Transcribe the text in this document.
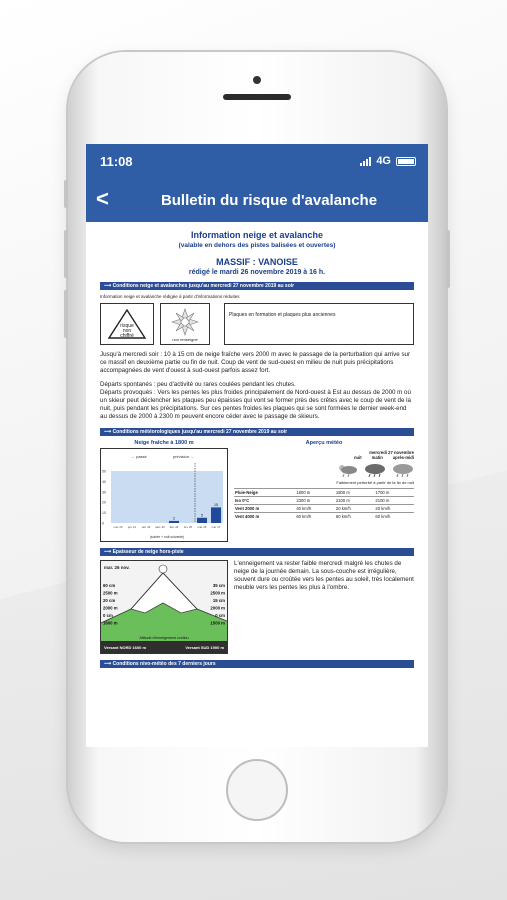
11:08	4G
<	Bulletin du risque d'avalanche
Information neige et avalanche
(valable en dehors des pistes balisées et ouvertes)
MASSIF : VANOISE
rédigé le mardi 26 novembre 2019 à 16 h.
⟶ Conditions neige et avalanches jusqu'au mercredi 27 novembre 2019 au soir
Information neige et avalanche rédigée à partir d'informations réduites
risque
non
chiffré	non renseigné
Plaques en formation et plaques plus anciennes
Jusqu'à mercredi soir : 10 à 15 cm de neige fraîche vers 2000 m avec le passage de la perturbation qui arrive sur ce massif en deuxième partie ou fin de nuit. Coup de vent de sud-ouest en milieu de nuit puis précipitations accompagnées de vent d'ouest à sud-ouest parfois assez fort.
Départs spontanés : peu d'activité ou rares coulées pendant les chutes.
Départs provoqués : Vers les pentes les plus froides principalement de Nord-ouest à Est au dessus de 2000 m où un skieur peut déclencher les plaques peu épaisses qui vont se former près des crêtes avec le coup de vent de la nuit, puis pendant les précipitations. Sur ces pentes froides les plaques qui se sont formées le dernier week-end au dessus de 2000 à 2300 m peuvent encore céder avec le passage de skieurs.
⟶ Conditions météorologiques jusqu'au mercredi 27 novembre 2019 au soir
Neige fraîche à 1800 m
← passé	prévision →
50
40
30
20
10
0
mer. 20	jeu. 21 ven. 22 sam. 23
2
dim. 24 lun. 25
5
mar. 26
15
mer. 27
(soirée + nuit suivante)
Aperçu météo
mercredi 27 novembre
nuit matin après-midi
Faiblement perturbé à partir de la fin de nuit
Pluie-Neige	1800 m	1800 m	1700 m
Iso 0°C	2300 m	2100 m	2100 m
Vent 2000 m	40 km/h	20 km/h	20 km/h
Vent 4000 m	60 km/h	60 km/h	60 km/h
⟶ Epaisseur de neige hors-piste
mar. 26 nov.
60 cm 2500 m 20 cm 2000 m 0 cm 1600 m
35 cm 2500 m 15 cm 2000 m 0 cm 1500 m
Altitude d'enneigement continu
Versant NORD 1600 m	Versant SUD 1900 m
L'enneigement va rester faible mercredi malgré les chutes de neige de la journée demain. La sous-couche est irrégulière, souvent dure ou croûtée vers les pentes au soleil, très localement meuble vers les pentes les plus à l'ombre.
⟶ Conditions nivo-météo des 7 derniers jours
